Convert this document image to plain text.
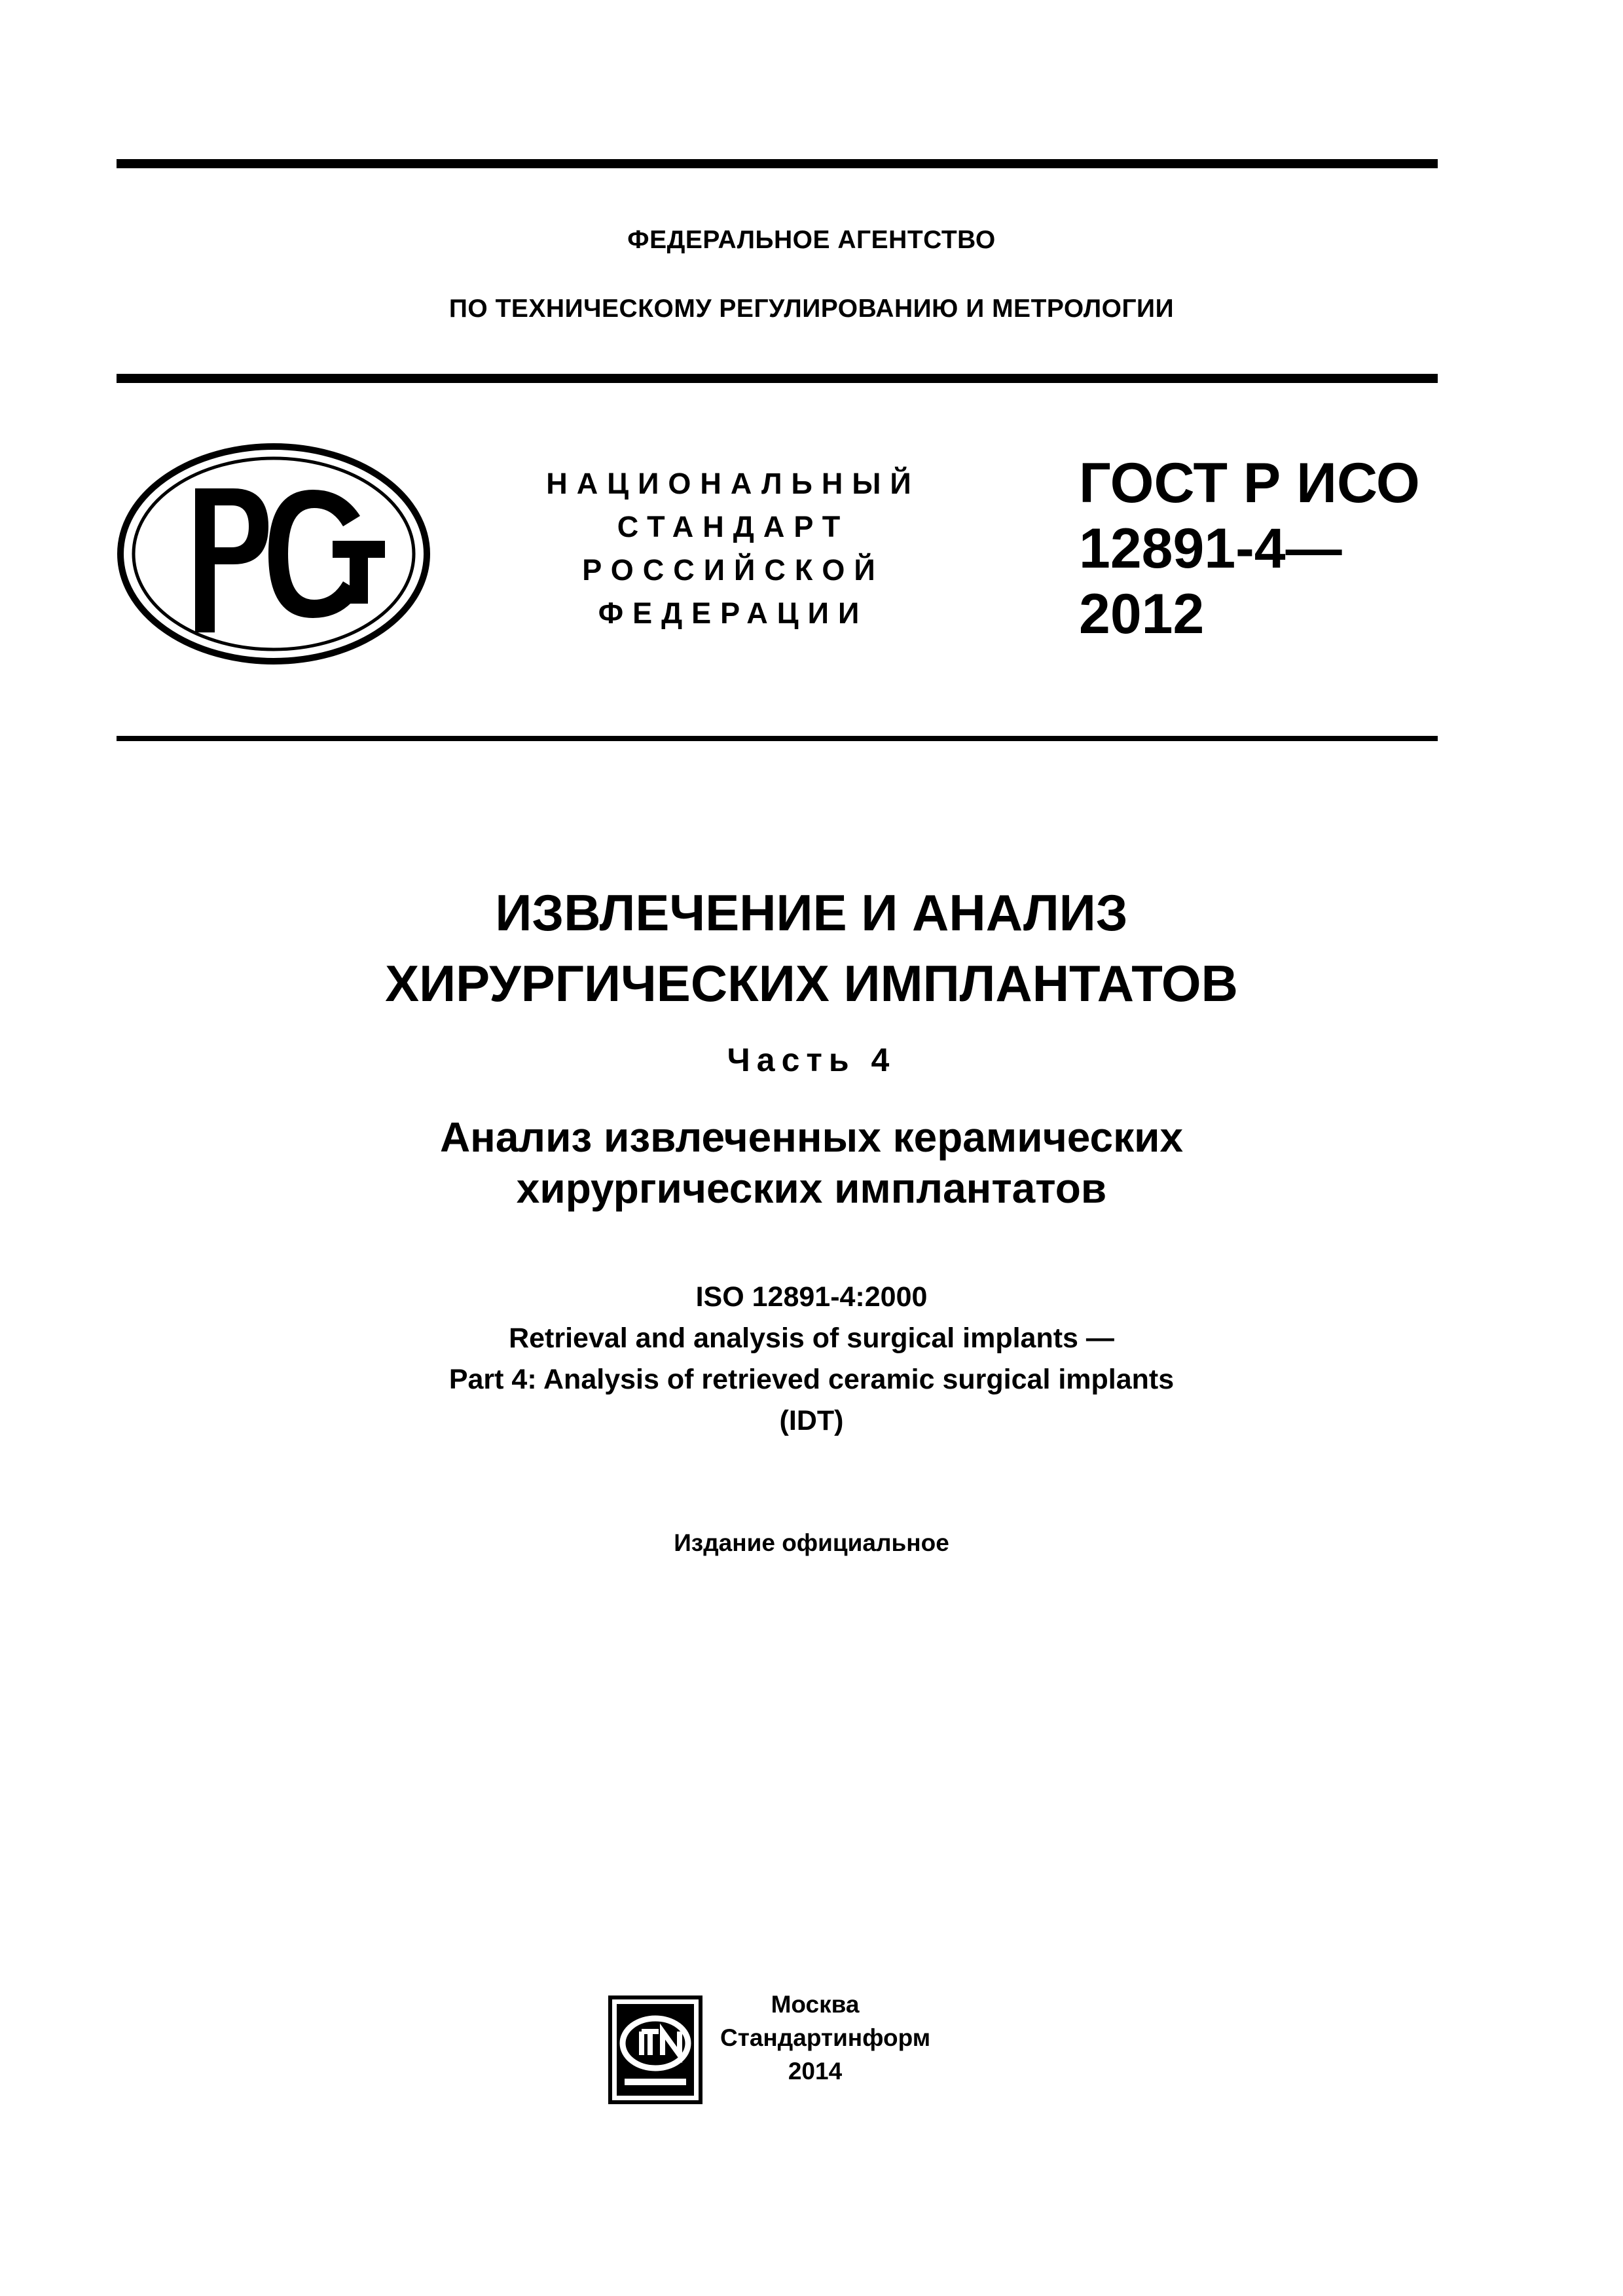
ФЕДЕРАЛЬНОЕ АГЕНТСТВО
ПО ТЕХНИЧЕСКОМУ РЕГУЛИРОВАНИЮ И МЕТРОЛОГИИ
НАЦИОНАЛЬНЫЙ
СТАНДАРТ
РОССИЙСКОЙ
ФЕДЕРАЦИИ
ГОСТ Р ИСО
12891-4—
2012
ИЗВЛЕЧЕНИЕ И АНАЛИЗ
ХИРУРГИЧЕСКИХ ИМПЛАНТАТОВ
Часть 4
Анализ извлеченных керамических
хирургических имплантатов
ISO 12891-4:2000
Retrieval and analysis of surgical implants —
Part 4: Analysis of retrieved ceramic surgical implants
(IDT)
Издание официальное
Москва
Стандартинформ
2014
